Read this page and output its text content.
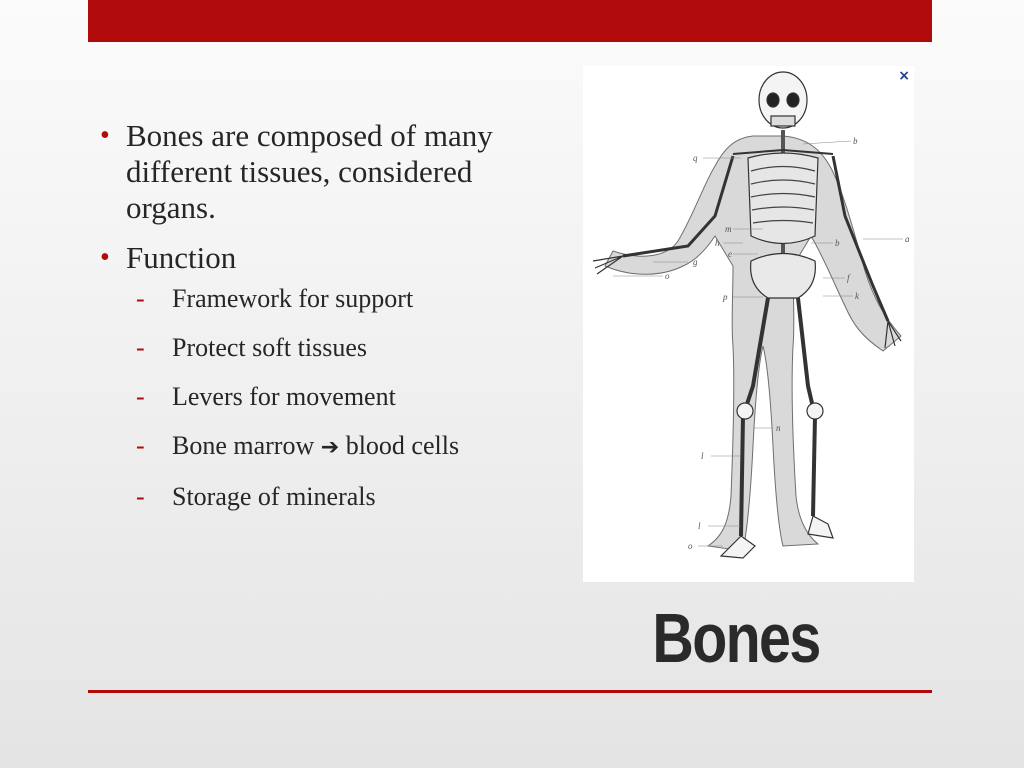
• Bones are composed of many different tissues, considered organs.
• Function
- Framework for support
- Protect soft tissues
- Levers for movement
- Bone marrow ➔ blood cells
- Storage of minerals
×
b
q
m
h
e
b	a
g
o	f
p	k
n
l
l
o
Bones
